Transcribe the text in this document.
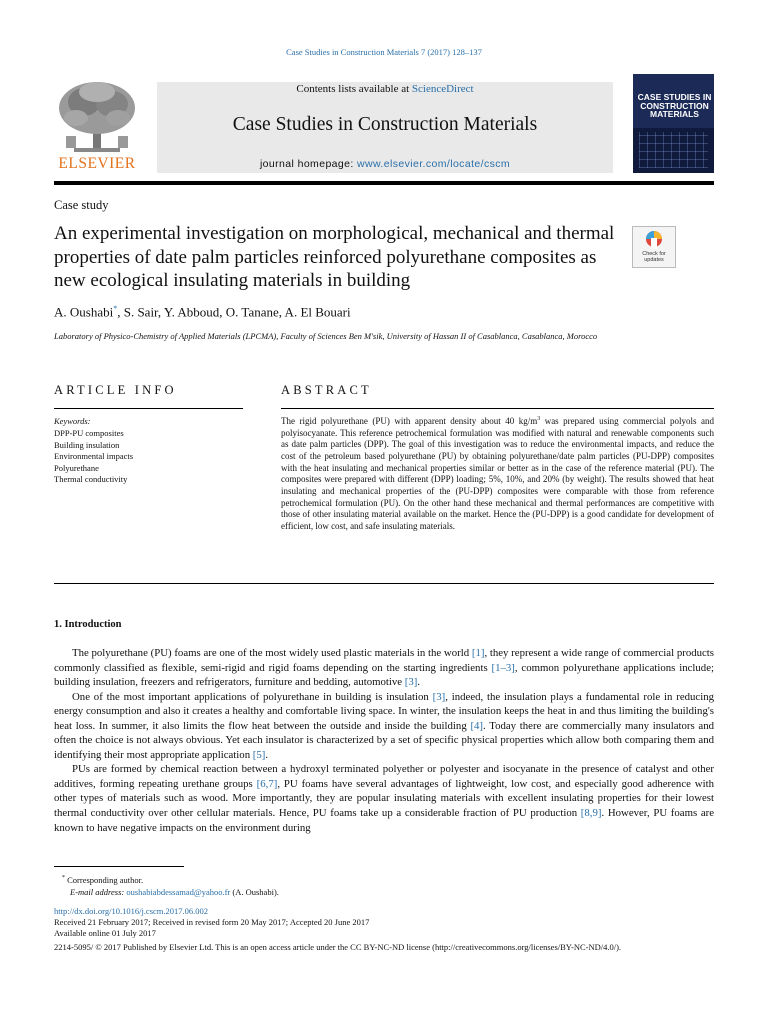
Case Studies in Construction Materials 7 (2017) 128–137
ELSEVIER
Contents lists available at ScienceDirect
Case Studies in Construction Materials
journal homepage: www.elsevier.com/locate/cscm
CASE STUDIES IN CONSTRUCTION MATERIALS
Case study
An experimental investigation on morphological, mechanical and thermal properties of date palm particles reinforced polyurethane composites as new ecological insulating materials in building
Check for updates
A. Oushabi*, S. Sair, Y. Abboud, O. Tanane, A. El Bouari
Laboratory of Physico-Chemistry of Applied Materials (LPCMA), Faculty of Sciences Ben M'sik, University of Hassan II of Casablanca, Casablanca, Morocco
ARTICLE INFO	ABSTRACT
Keywords:
DPP-PU composites
Building insulation
Environmental impacts
Polyurethane
Thermal conductivity
The rigid polyurethane (PU) with apparent density about 40 $kg/m^3$ was prepared using commercial polyols and polyisocyanate. This reference petrochemical formulation was modified with natural and renewable components such as date palm particles (DPP). The goal of this investigation was to reduce the environmental impacts, and reduce the cost of the petroleum based polyurethane (PU) by obtaining polyurethane/date palm particles (PU-DPP) composites with the heat insulating and mechanical properties similar or better as in the case of the reference material (PU). The composites were prepared with different (DPP) loading; 5%, 10%, and 20% (by weight). The results showed that heat insulating and mechanical properties of the (PU-DPP) composites were comparable with those from reference petrochemical formulation (PU). On the other hand these mechanical and thermal performances are competitive with those of other insulating material available on the market. Hence the (PU-DPP) is a good candidate for development of efficient, low cost, and safe insulating materials.
1. Introduction

The polyurethane (PU) foams are one of the most widely used plastic materials in the world [1], they represent a wide range of commercial products commonly classified as flexible, semi-rigid and rigid foams depending on the starting ingredients [1–3], common polyurethane applications include; building insulation, freezers and refrigerators, furniture and bedding, automotive [3].

One of the most important applications of polyurethane in building is insulation [3], indeed, the insulation plays a fundamental role in reducing energy consumption and also it creates a healthy and comfortable living space. In winter, the insulation keeps the heat in and thus limiting the building's heat loss. In summer, it also limits the flow heat between the outside and inside the building [4]. Today there are commercially many insulators and often the choice is not always obvious. Yet each insulator is characterized by a set of specific physical properties which allow both comparing them and identifying their most appropriate application [5].

PUs are formed by chemical reaction between a hydroxyl terminated polyether or polyester and isocyanate in the presence of catalyst and other additives, forming repeating urethane groups [6,7], PU foams have several advantages of lightweight, low cost, and especially good adherence with other types of materials such as wood. More importantly, they are popular insulating materials with excellent insulating properties for their lowest thermal conductivity over other cellular materials. Hence, PU foams take up a considerable fraction of PU production [8,9]. However, PU foams are known to have negative impacts on the environment during

* Corresponding author.
E-mail address: oushabiabdessamad@yahoo.fr (A. Oushabi).
http://dx.doi.org/10.1016/j.cscm.2017.06.002
Received 21 February 2017; Received in revised form 20 May 2017; Accepted 20 June 2017
Available online 01 July 2017
2214-5095/ © 2017 Published by Elsevier Ltd. This is an open access article under the CC BY-NC-ND license (http://creativecommons.org/licenses/BY-NC-ND/4.0/).
